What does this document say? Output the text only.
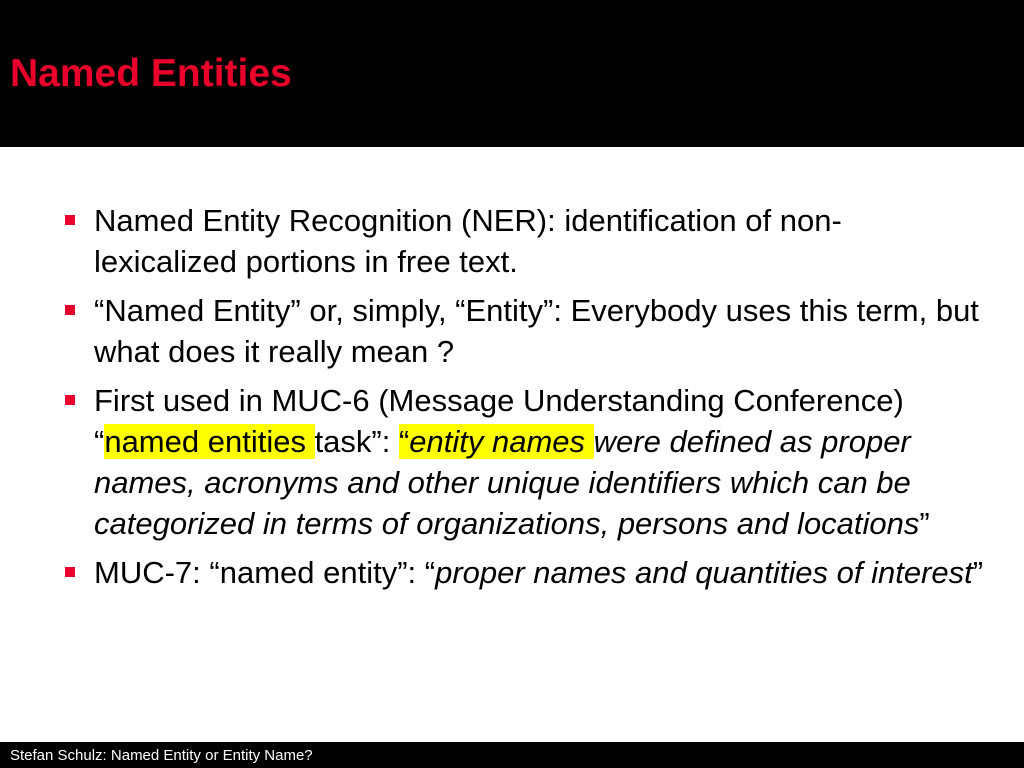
Named Entities
Named Entity Recognition (NER): identification of non-lexicalized portions in free text.
“Named Entity” or, simply, “Entity”: Everybody uses this term, but what does it really mean ?
First used in MUC-6 (Message Understanding Conference) “named entities task”: “entity names were defined as proper names, acronyms and other unique identifiers which can be categorized in terms of organizations, persons and locations”
MUC-7: “named entity”: “proper names and quantities of interest”
Stefan Schulz: Named Entity or Entity Name?
